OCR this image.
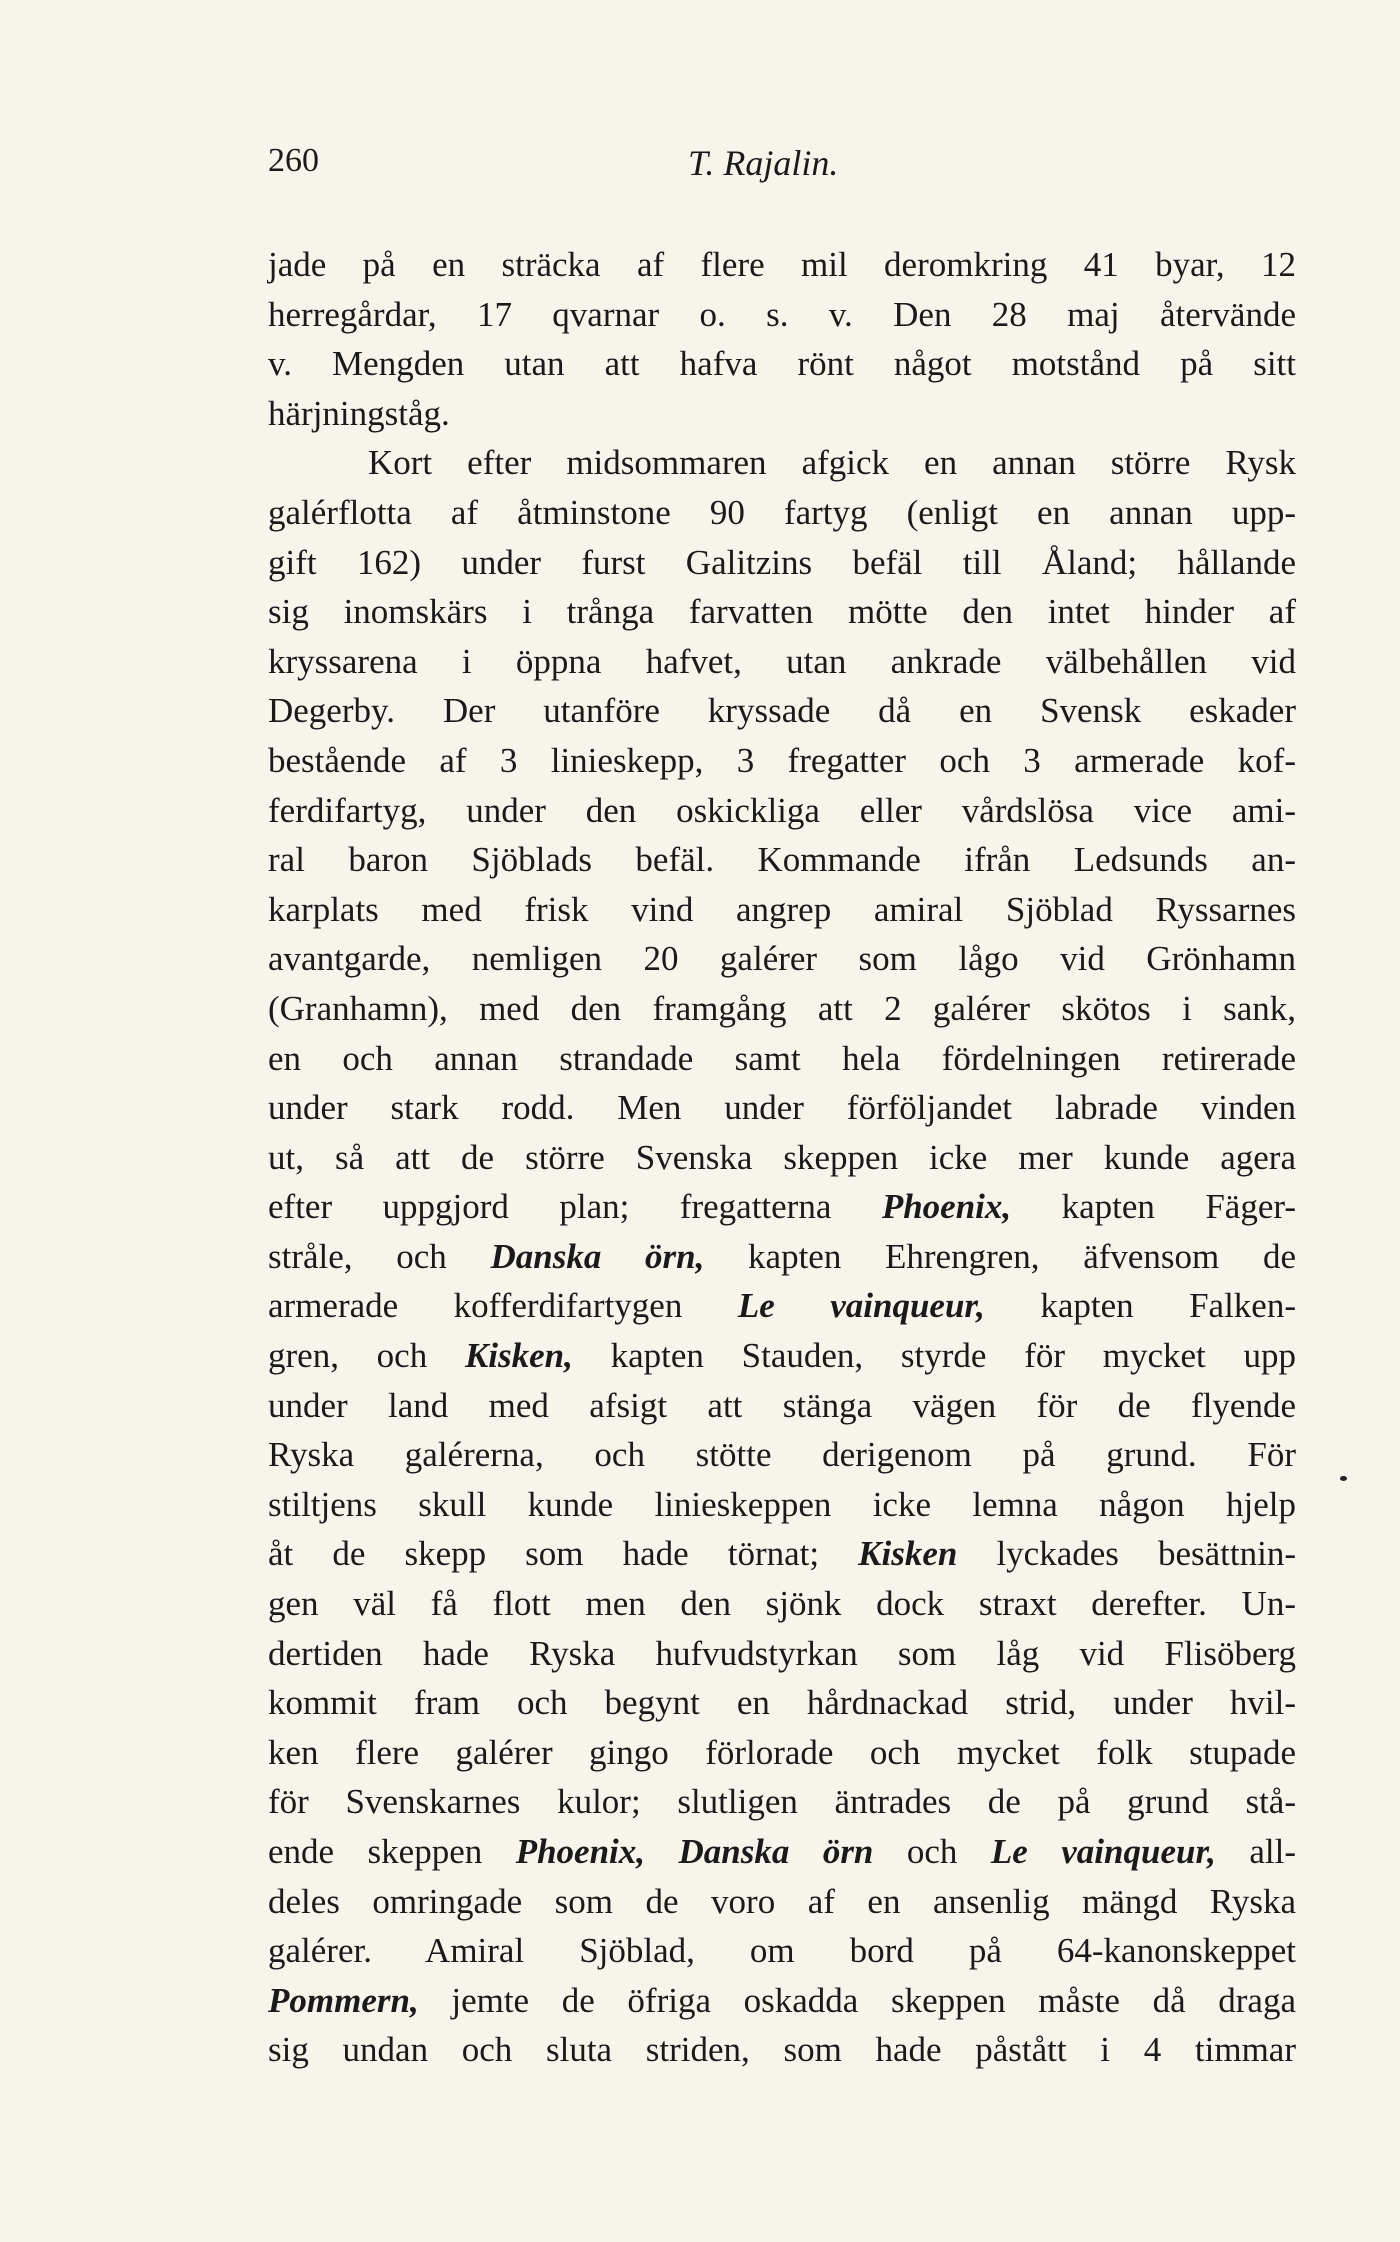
260	T. Rajalin.
jade på en sträcka af flere mil deromkring 41 byar, 12
herregårdar, 17 qvarnar o. s. v. Den 28 maj återvände
v. Mengden utan att hafva rönt något motstånd på sitt
härjningståg.
Kort efter midsommaren afgick en annan större Rysk
galérflotta af åtminstone 90 fartyg (enligt en annan upp-
gift 162) under furst Galitzins befäl till Åland; hållande
sig inomskärs i trånga farvatten mötte den intet hinder af
kryssarena i öppna hafvet, utan ankrade välbehållen vid
Degerby. Der utanföre kryssade då en Svensk eskader
bestående af 3 linieskepp, 3 fregatter och 3 armerade kof-
ferdifartyg, under den oskickliga eller vårdslösa vice ami-
ral baron Sjöblads befäl. Kommande ifrån Ledsunds an-
karplats med frisk vind angrep amiral Sjöblad Ryssarnes
avantgarde, nemligen 20 galérer som lågo vid Grönhamn
(Granhamn), med den framgång att 2 galérer skötos i sank,
en och annan strandade samt hela fördelningen retirerade
under stark rodd. Men under förföljandet labrade vinden
ut, så att de större Svenska skeppen icke mer kunde agera
efter uppgjord plan; fregatterna Phoenix, kapten Fäger-
stråle, och Danska örn, kapten Ehrengren, äfvensom de
armerade kofferdifartygen Le vainqueur, kapten Falken-
gren, och Kisken, kapten Stauden, styrde för mycket upp
under land med afsigt att stänga vägen för de flyende
Ryska galérerna, och stötte derigenom på grund. För
stiltjens skull kunde linieskeppen icke lemna någon hjelp
åt de skepp som hade törnat; Kisken lyckades besättnin-
gen väl få flott men den sjönk dock straxt derefter. Un-
dertiden hade Ryska hufvudstyrkan som låg vid Flisöberg
kommit fram och begynt en hårdnackad strid, under hvil-
ken flere galérer gingo förlorade och mycket folk stupade
för Svenskarnes kulor; slutligen äntrades de på grund stå-
ende skeppen Phoenix, Danska örn och Le vainqueur, all-
deles omringade som de voro af en ansenlig mängd Ryska
galérer. Amiral Sjöblad, om bord på 64-kanonskeppet
Pommern, jemte de öfriga oskadda skeppen måste då draga
sig undan och sluta striden, som hade påstått i 4 timmar
